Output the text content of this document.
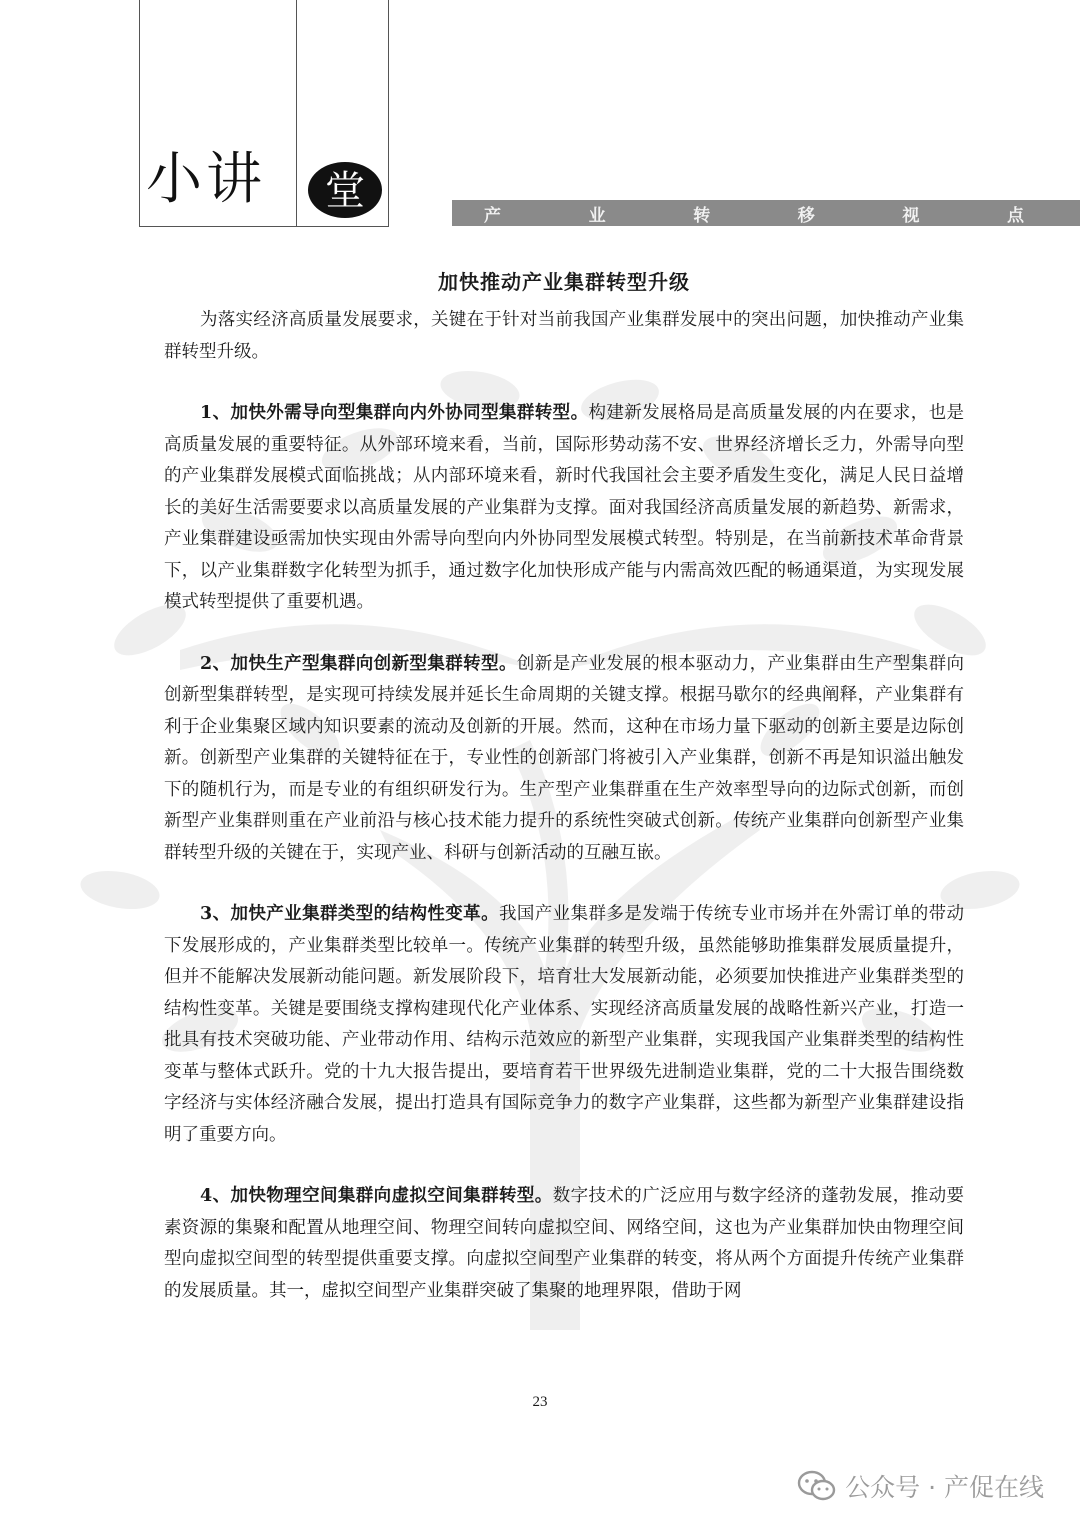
小讲 堂
产	业	转	移	视	点
加快推动产业集群转型升级

为落实经济高质量发展要求，关键在于针对当前我国产业集群发展中的突出问题，加快推动产业集群转型升级。

1、加快外需导向型集群向内外协同型集群转型。构建新发展格局是高质量发展的内在要求，也是高质量发展的重要特征。从外部环境来看，当前，国际形势动荡不安、世界经济增长乏力，外需导向型的产业集群发展模式面临挑战；从内部环境来看，新时代我国社会主要矛盾发生变化，满足人民日益增长的美好生活需要要求以高质量发展的产业集群为支撑。面对我国经济高质量发展的新趋势、新需求，产业集群建设亟需加快实现由外需导向型向内外协同型发展模式转型。特别是，在当前新技术革命背景下，以产业集群数字化转型为抓手，通过数字化加快形成产能与内需高效匹配的畅通渠道，为实现发展模式转型提供了重要机遇。

2、加快生产型集群向创新型集群转型。创新是产业发展的根本驱动力，产业集群由生产型集群向创新型集群转型，是实现可持续发展并延长生命周期的关键支撑。根据马歇尔的经典阐释，产业集群有利于企业集聚区域内知识要素的流动及创新的开展。然而，这种在市场力量下驱动的创新主要是边际创新。创新型产业集群的关键特征在于，专业性的创新部门将被引入产业集群，创新不再是知识溢出触发下的随机行为，而是专业的有组织研发行为。生产型产业集群重在生产效率型导向的边际式创新，而创新型产业集群则重在产业前沿与核心技术能力提升的系统性突破式创新。传统产业集群向创新型产业集群转型升级的关键在于，实现产业、科研与创新活动的互融互嵌。

3、加快产业集群类型的结构性变革。我国产业集群多是发端于传统专业市场并在外需订单的带动下发展形成的，产业集群类型比较单一。传统产业集群的转型升级，虽然能够助推集群发展质量提升，但并不能解决发展新动能问题。新发展阶段下，培育壮大发展新动能，必须要加快推进产业集群类型的结构性变革。关键是要围绕支撑构建现代化产业体系、实现经济高质量发展的战略性新兴产业，打造一批具有技术突破功能、产业带动作用、结构示范效应的新型产业集群，实现我国产业集群类型的结构性变革与整体式跃升。党的十九大报告提出，要培育若干世界级先进制造业集群，党的二十大报告围绕数字经济与实体经济融合发展，提出打造具有国际竞争力的数字产业集群，这些都为新型产业集群建设指明了重要方向。

4、加快物理空间集群向虚拟空间集群转型。数字技术的广泛应用与数字经济的蓬勃发展，推动要素资源的集聚和配置从地理空间、物理空间转向虚拟空间、网络空间，这也为产业集群加快由物理空间型向虚拟空间型的转型提供重要支撑。向虚拟空间型产业集群的转变，将从两个方面提升传统产业集群的发展质量。其一，虚拟空间型产业集群突破了集聚的地理界限，借助于网

23
公众号 · 产促在线
